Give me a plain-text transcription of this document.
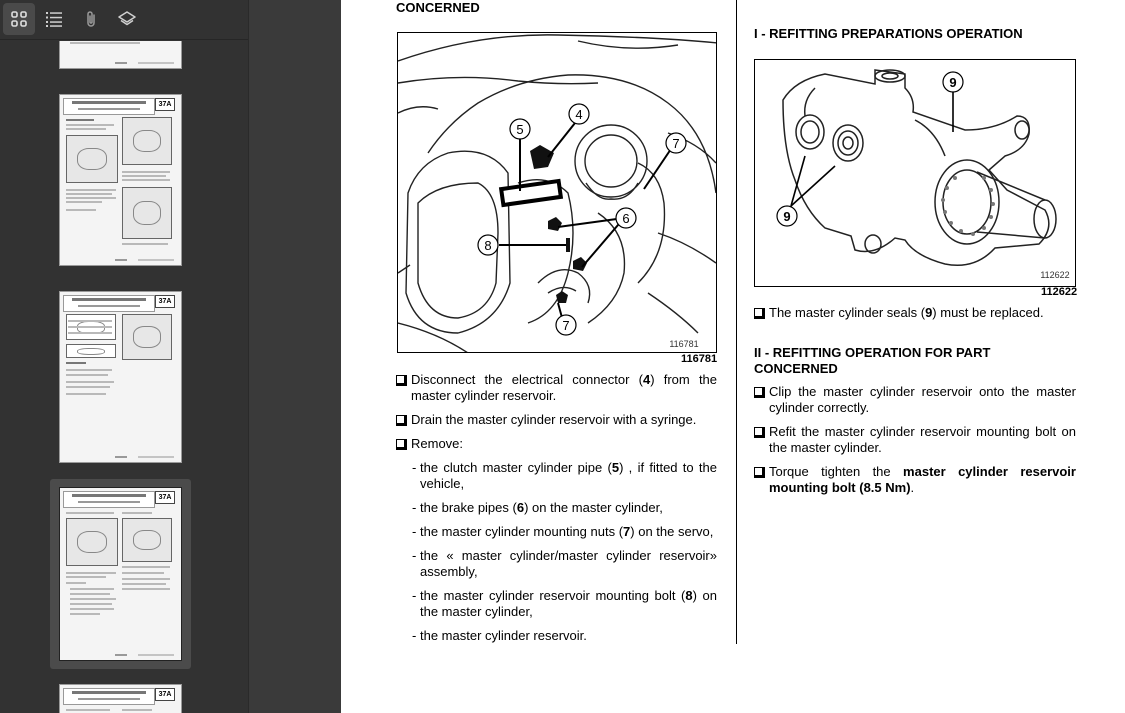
37A
37A
37A
37A
CONCERNED
5
4
7
6
8
7
116781
116781
Disconnect the electrical connector (4) from the master cylinder reservoir.
Drain the master cylinder reservoir with a syringe.
Remove:
- the clutch master cylinder pipe (5) , if fitted to the vehicle,
- the brake pipes (6) on the master cylinder,
- the master cylinder mounting nuts (7) on the servo,
- the « master cylinder/master cylinder reservoir» assembly,
- the master cylinder reservoir mounting bolt (8) on the master cylinder,
- the master cylinder reservoir.
I - REFITTING PREPARATIONS OPERATION
9
9
112622
112622
The master cylinder seals (9) must be replaced.
II - REFITTING OPERATION FOR PART
CONCERNED
Clip the master cylinder reservoir onto the master cylinder correctly.
Refit the master cylinder reservoir mounting bolt on the master cylinder.
Torque tighten the master cylinder reservoir mounting bolt (8.5 Nm).
